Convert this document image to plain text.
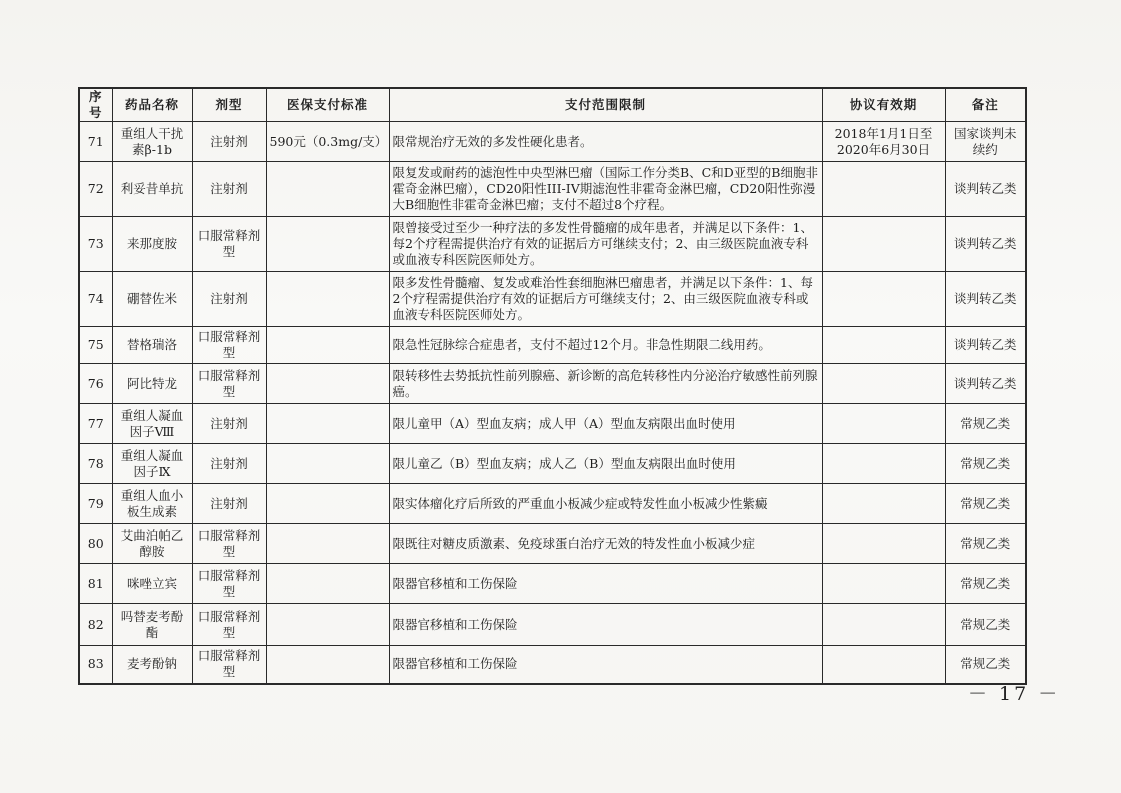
序号	药品名称	剂型	医保支付标准	支付范围限制	协议有效期	备注
71	重组人干扰素β-1b	注射剂	590元（0.3mg/支）	限常规治疗无效的多发性硬化患者。	2018年1月1日至2020年6月30日	国家谈判未续约
72	利妥昔单抗	注射剂		限复发或耐药的滤泡性中央型淋巴瘤（国际工作分类B、C和D亚型的B细胞非霍奇金淋巴瘤），CD20阳性III-IV期滤泡性非霍奇金淋巴瘤，CD20阳性弥漫大B细胞性非霍奇金淋巴瘤；支付不超过8个疗程。		谈判转乙类
73	来那度胺	口服常释剂型		限曾接受过至少一种疗法的多发性骨髓瘤的成年患者，并满足以下条件：1、每2个疗程需提供治疗有效的证据后方可继续支付；2、由三级医院血液专科或血液专科医院医师处方。		谈判转乙类
74	硼替佐米	注射剂		限多发性骨髓瘤、复发或难治性套细胞淋巴瘤患者，并满足以下条件：1、每2个疗程需提供治疗有效的证据后方可继续支付；2、由三级医院血液专科或血液专科医院医师处方。		谈判转乙类
75	替格瑞洛	口服常释剂型		限急性冠脉综合症患者，支付不超过12个月。非急性期限二线用药。		谈判转乙类
76	阿比特龙	口服常释剂型		限转移性去势抵抗性前列腺癌、新诊断的高危转移性内分泌治疗敏感性前列腺癌。		谈判转乙类
77	重组人凝血因子Ⅷ	注射剂		限儿童甲（A）型血友病；成人甲（A）型血友病限出血时使用		常规乙类
78	重组人凝血因子Ⅸ	注射剂		限儿童乙（B）型血友病；成人乙（B）型血友病限出血时使用		常规乙类
79	重组人血小板生成素	注射剂		限实体瘤化疗后所致的严重血小板减少症或特发性血小板减少性紫癜		常规乙类
80	艾曲泊帕乙醇胺	口服常释剂型		限既往对糖皮质激素、免疫球蛋白治疗无效的特发性血小板减少症		常规乙类
81	咪唑立宾	口服常释剂型		限器官移植和工伤保险		常规乙类
82	吗替麦考酚酯	口服常释剂型		限器官移植和工伤保险		常规乙类
83	麦考酚钠	口服常释剂型		限器官移植和工伤保险		常规乙类
－ 17 －
